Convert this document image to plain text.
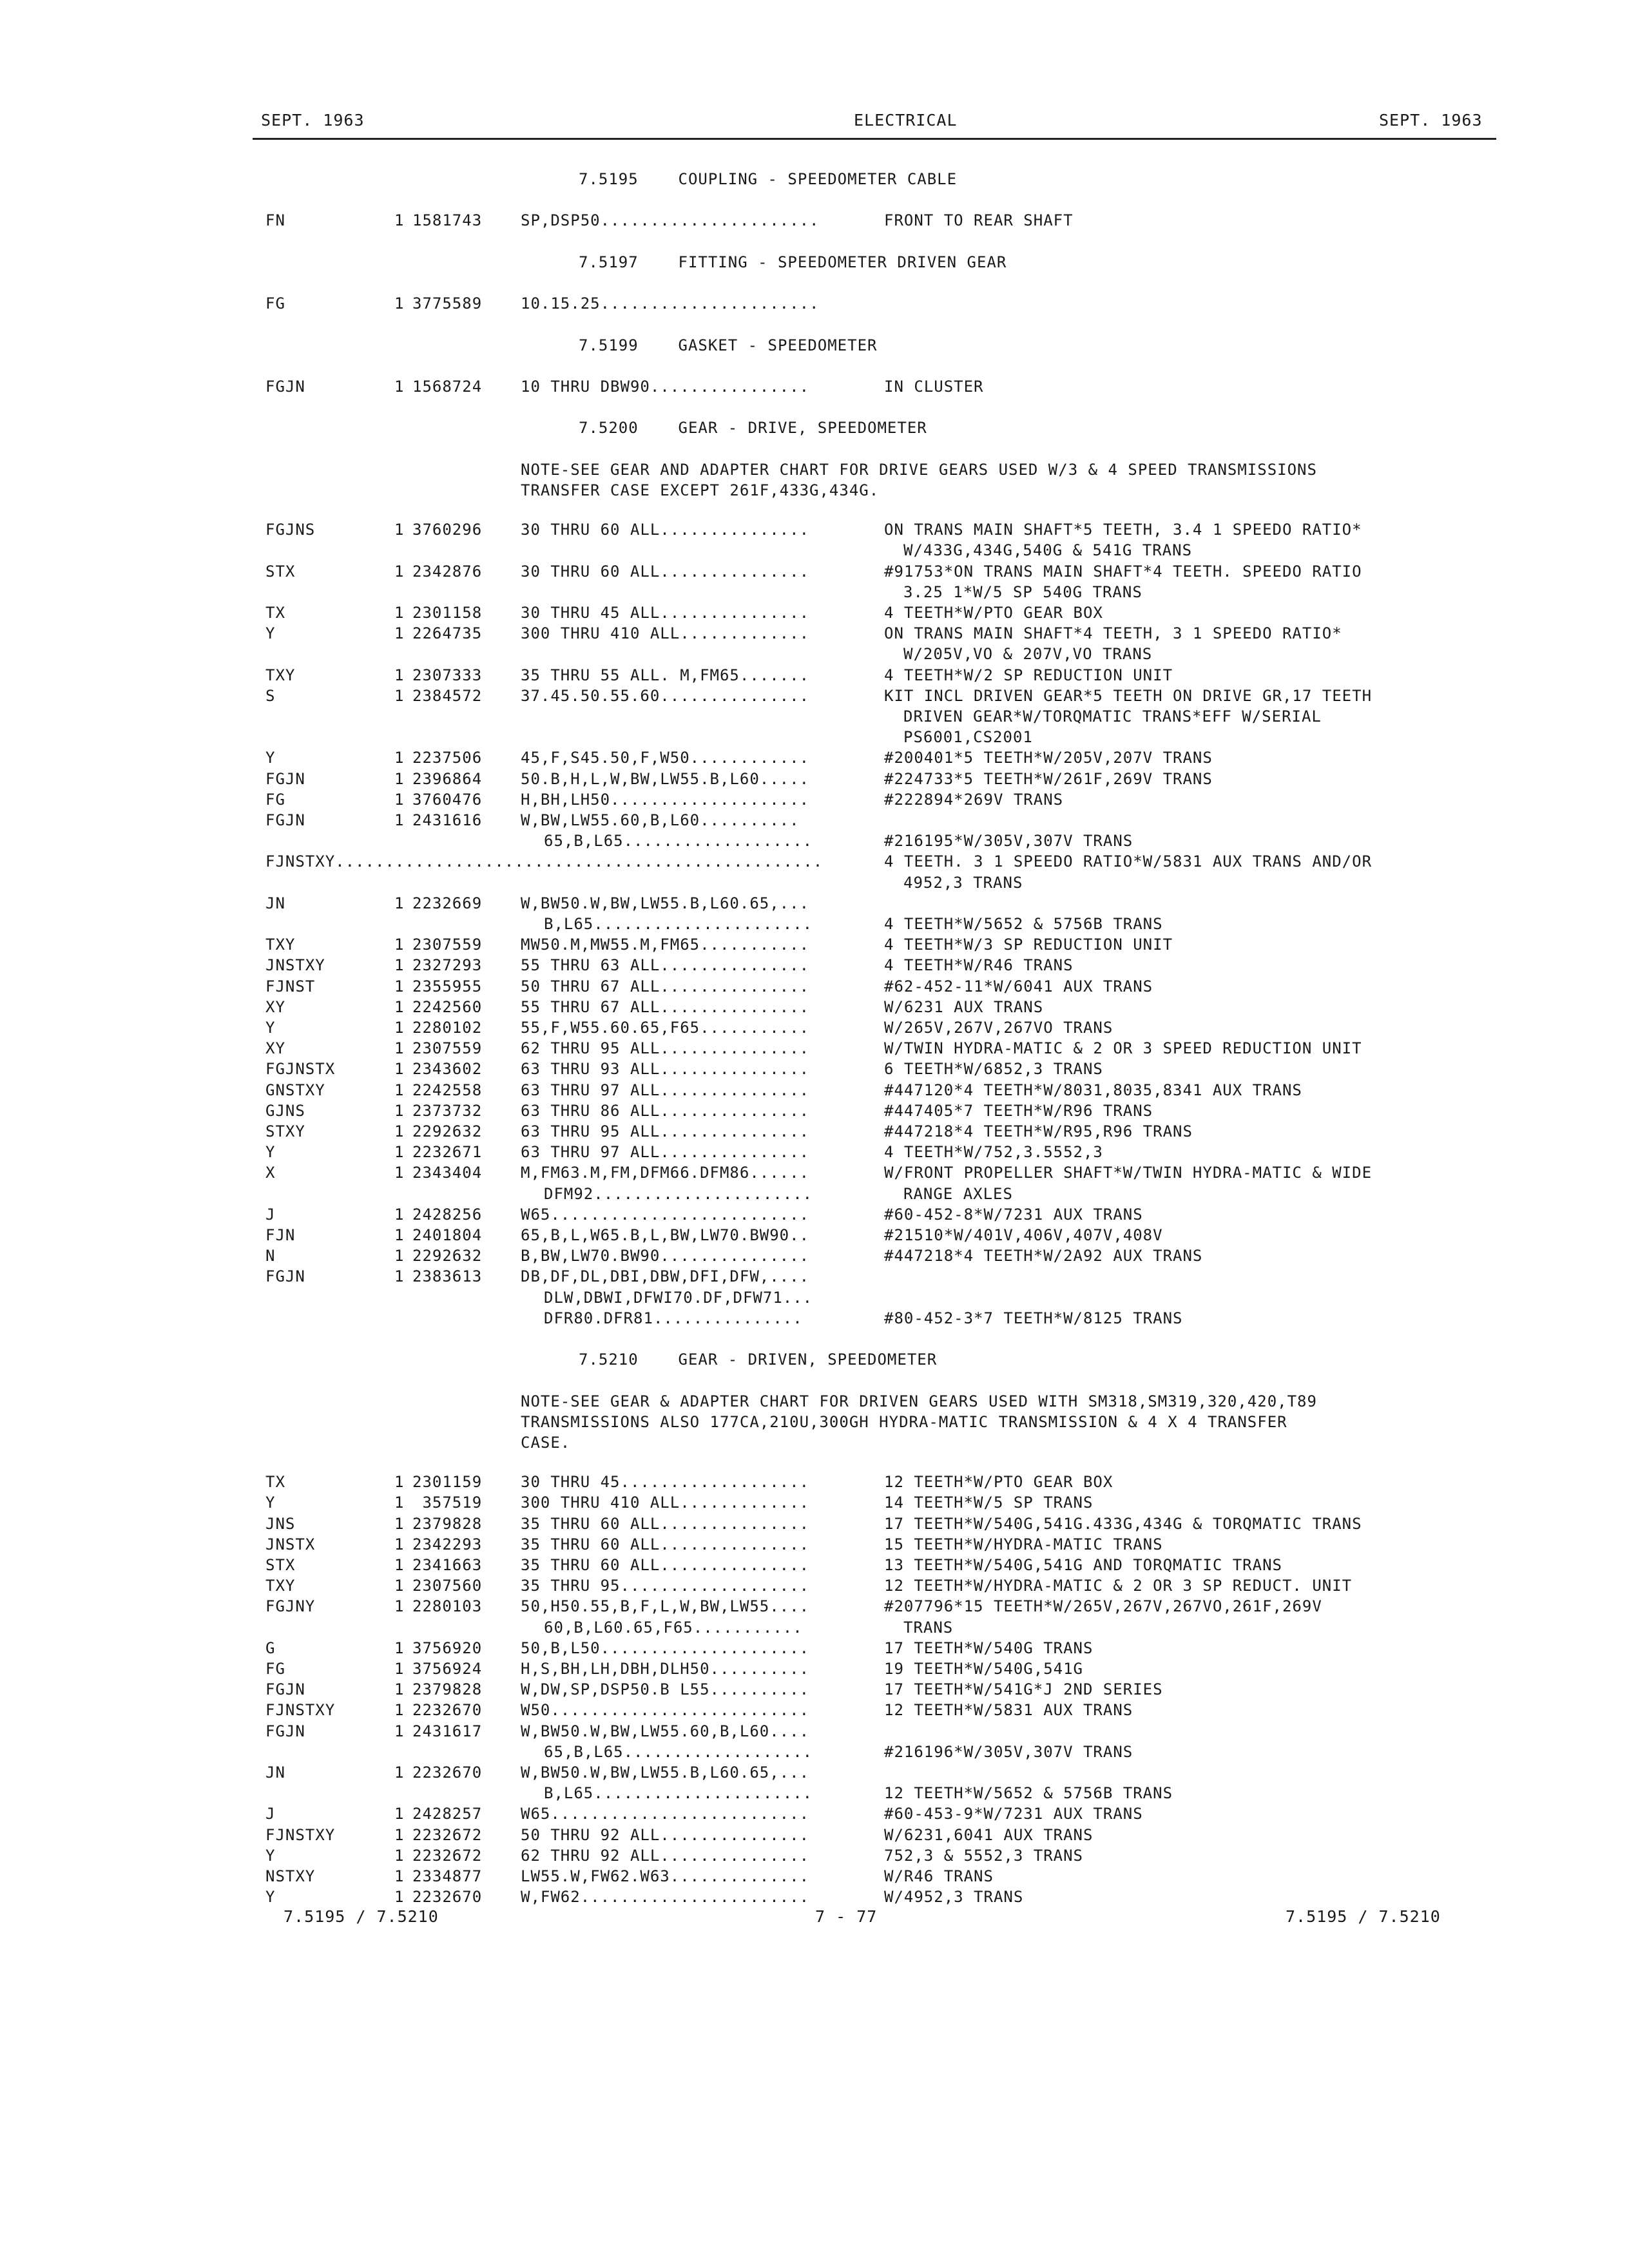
SEPT. 1963	ELECTRICAL	SEPT. 1963
7.5195    COUPLING - SPEEDOMETER CABLE
FN	1 1581743 SP,DSP50......................	FRONT TO REAR SHAFT
7.5197    FITTING - SPEEDOMETER DRIVEN GEAR
FG	1 3775589 10.15.25......................
7.5199    GASKET - SPEEDOMETER
FGJN	1 1568724 10 THRU DBW90................	IN CLUSTER
7.5200    GEAR - DRIVE, SPEEDOMETER
NOTE-SEE GEAR AND ADAPTER CHART FOR DRIVE GEARS USED W/3 & 4 SPEED TRANSMISSIONS
TRANSFER CASE EXCEPT 261F,433G,434G.
FGJNS	1 3760296 30 THRU 60 ALL...............	ON TRANS MAIN SHAFT*5 TEETH, 3.4 1 SPEEDO RATIO*
W/433G,434G,540G & 541G TRANS
STX	1 2342876 30 THRU 60 ALL...............	#91753*ON TRANS MAIN SHAFT*4 TEETH. SPEEDO RATIO
3.25 1*W/5 SP 540G TRANS
TX	1 2301158 30 THRU 45 ALL...............	4 TEETH*W/PTO GEAR BOX
Y	1 2264735 300 THRU 410 ALL.............	ON TRANS MAIN SHAFT*4 TEETH, 3 1 SPEEDO RATIO*
W/205V,VO & 207V,VO TRANS
TXY	1 2307333 35 THRU 55 ALL. M,FM65.......	4 TEETH*W/2 SP REDUCTION UNIT
S	1 2384572 37.45.50.55.60...............	KIT INCL DRIVEN GEAR*5 TEETH ON DRIVE GR,17 TEETH
DRIVEN GEAR*W/TORQMATIC TRANS*EFF W/SERIAL
PS6001,CS2001
Y	1 2237506 45,F,S45.50,F,W50............	#200401*5 TEETH*W/205V,207V TRANS
FGJN	1 2396864 50.B,H,L,W,BW,LW55.B,L60.....	#224733*5 TEETH*W/261F,269V TRANS
FG	1 3760476 H,BH,LH50....................	#222894*269V TRANS
FGJN	1 2431616 W,BW,LW55.60,B,L60..........
65,B,L65...................	#216195*W/305V,307V TRANS
FJNSTXY.................................................	4 TEETH. 3 1 SPEEDO RATIO*W/5831 AUX TRANS AND/OR
4952,3 TRANS
JN	1 2232669 W,BW50.W,BW,LW55.B,L60.65,...
B,L65......................	4 TEETH*W/5652 & 5756B TRANS
TXY	1 2307559 MW50.M,MW55.M,FM65...........	4 TEETH*W/3 SP REDUCTION UNIT
JNSTXY	1 2327293 55 THRU 63 ALL...............	4 TEETH*W/R46 TRANS
FJNST	1 2355955 50 THRU 67 ALL...............	#62-452-11*W/6041 AUX TRANS
XY	1 2242560 55 THRU 67 ALL...............	W/6231 AUX TRANS
Y	1 2280102 55,F,W55.60.65,F65...........	W/265V,267V,267VO TRANS
XY	1 2307559 62 THRU 95 ALL...............	W/TWIN HYDRA-MATIC & 2 OR 3 SPEED REDUCTION UNIT
FGJNSTX	1 2343602 63 THRU 93 ALL...............	6 TEETH*W/6852,3 TRANS
GNSTXY	1 2242558 63 THRU 97 ALL...............	#447120*4 TEETH*W/8031,8035,8341 AUX TRANS
GJNS	1 2373732 63 THRU 86 ALL...............	#447405*7 TEETH*W/R96 TRANS
STXY	1 2292632 63 THRU 95 ALL...............	#447218*4 TEETH*W/R95,R96 TRANS
Y	1 2232671 63 THRU 97 ALL...............	4 TEETH*W/752,3.5552,3
X	1 2343404 M,FM63.M,FM,DFM66.DFM86......	W/FRONT PROPELLER SHAFT*W/TWIN HYDRA-MATIC & WIDE
DFM92......................	RANGE AXLES
J	1 2428256 W65..........................	#60-452-8*W/7231 AUX TRANS
FJN	1 2401804 65,B,L,W65.B,L,BW,LW70.BW90..	#21510*W/401V,406V,407V,408V
N	1 2292632 B,BW,LW70.BW90...............	#447218*4 TEETH*W/2A92 AUX TRANS
FGJN	1 2383613 DB,DF,DL,DBI,DBW,DFI,DFW,....
DLW,DBWI,DFWI70.DF,DFW71...
DFR80.DFR81...............	#80-452-3*7 TEETH*W/8125 TRANS
7.5210    GEAR - DRIVEN, SPEEDOMETER
NOTE-SEE GEAR & ADAPTER CHART FOR DRIVEN GEARS USED WITH SM318,SM319,320,420,T89
TRANSMISSIONS ALSO 177CA,210U,300GH HYDRA-MATIC TRANSMISSION & 4 X 4 TRANSFER
CASE.
TX	1 2301159 30 THRU 45...................	12 TEETH*W/PTO GEAR BOX
Y	1 357519 300 THRU 410 ALL.............	14 TEETH*W/5 SP TRANS
JNS	1 2379828 35 THRU 60 ALL...............	17 TEETH*W/540G,541G.433G,434G & TORQMATIC TRANS
JNSTX	1 2342293 35 THRU 60 ALL...............	15 TEETH*W/HYDRA-MATIC TRANS
STX	1 2341663 35 THRU 60 ALL...............	13 TEETH*W/540G,541G AND TORQMATIC TRANS
TXY	1 2307560 35 THRU 95...................	12 TEETH*W/HYDRA-MATIC & 2 OR 3 SP REDUCT. UNIT
FGJNY	1 2280103 50,H50.55,B,F,L,W,BW,LW55....	#207796*15 TEETH*W/265V,267V,267VO,261F,269V
60,B,L60.65,F65...........	TRANS
G	1 3756920 50,B,L50.....................	17 TEETH*W/540G TRANS
FG	1 3756924 H,S,BH,LH,DBH,DLH50..........	19 TEETH*W/540G,541G
FGJN	1 2379828 W,DW,SP,DSP50.B L55..........	17 TEETH*W/541G*J 2ND SERIES
FJNSTXY	1 2232670 W50..........................	12 TEETH*W/5831 AUX TRANS
FGJN	1 2431617 W,BW50.W,BW,LW55.60,B,L60....
65,B,L65...................	#216196*W/305V,307V TRANS
JN	1 2232670 W,BW50.W,BW,LW55.B,L60.65,...
B,L65......................	12 TEETH*W/5652 & 5756B TRANS
J	1 2428257 W65..........................	#60-453-9*W/7231 AUX TRANS
FJNSTXY	1 2232672 50 THRU 92 ALL...............	W/6231,6041 AUX TRANS
Y	1 2232672 62 THRU 92 ALL...............	752,3 & 5552,3 TRANS
NSTXY	1 2334877 LW55.W,FW62.W63..............	W/R46 TRANS
Y	1 2232670 W,FW62.......................	W/4952,3 TRANS
7.5195 / 7.5210	7 - 77	7.5195 / 7.5210
